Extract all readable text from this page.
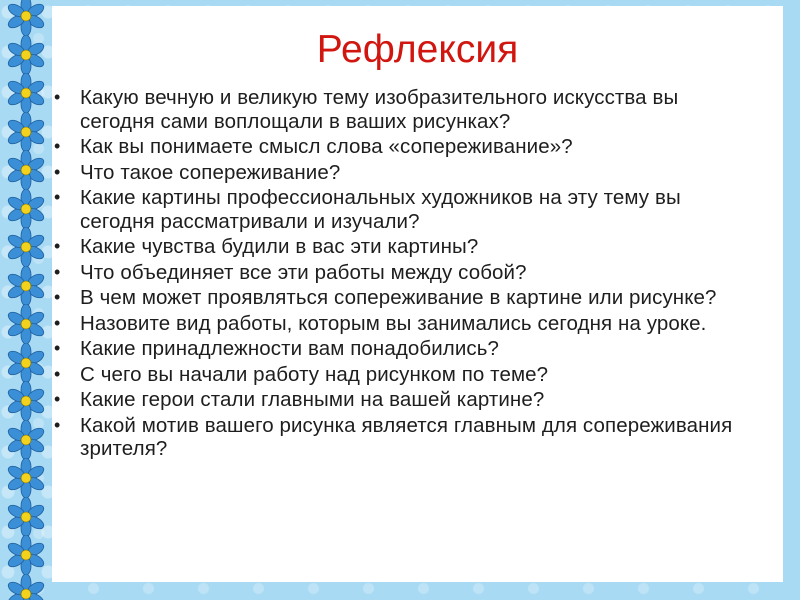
Рефлексия
• Какую вечную и великую тему изобразительного искусства вы сегодня сами воплощали в ваших рисунках?
• Как вы понимаете смысл слова «сопереживание»?
• Что такое сопереживание?
• Какие картины профессиональных художников на эту тему вы сегодня рассматривали и изучали?
• Какие чувства будили в вас эти картины?
• Что объединяет все эти работы между собой?
• В чем может проявляться сопереживание в картине или рисунке?
• Назовите вид работы, которым вы занимались сегодня на уроке.
• Какие принадлежности вам понадобились?
• С чего вы начали работу над рисунком по теме?
• Какие герои стали главными на вашей картине?
• Какой мотив вашего рисунка является главным для сопереживания зрителя?
